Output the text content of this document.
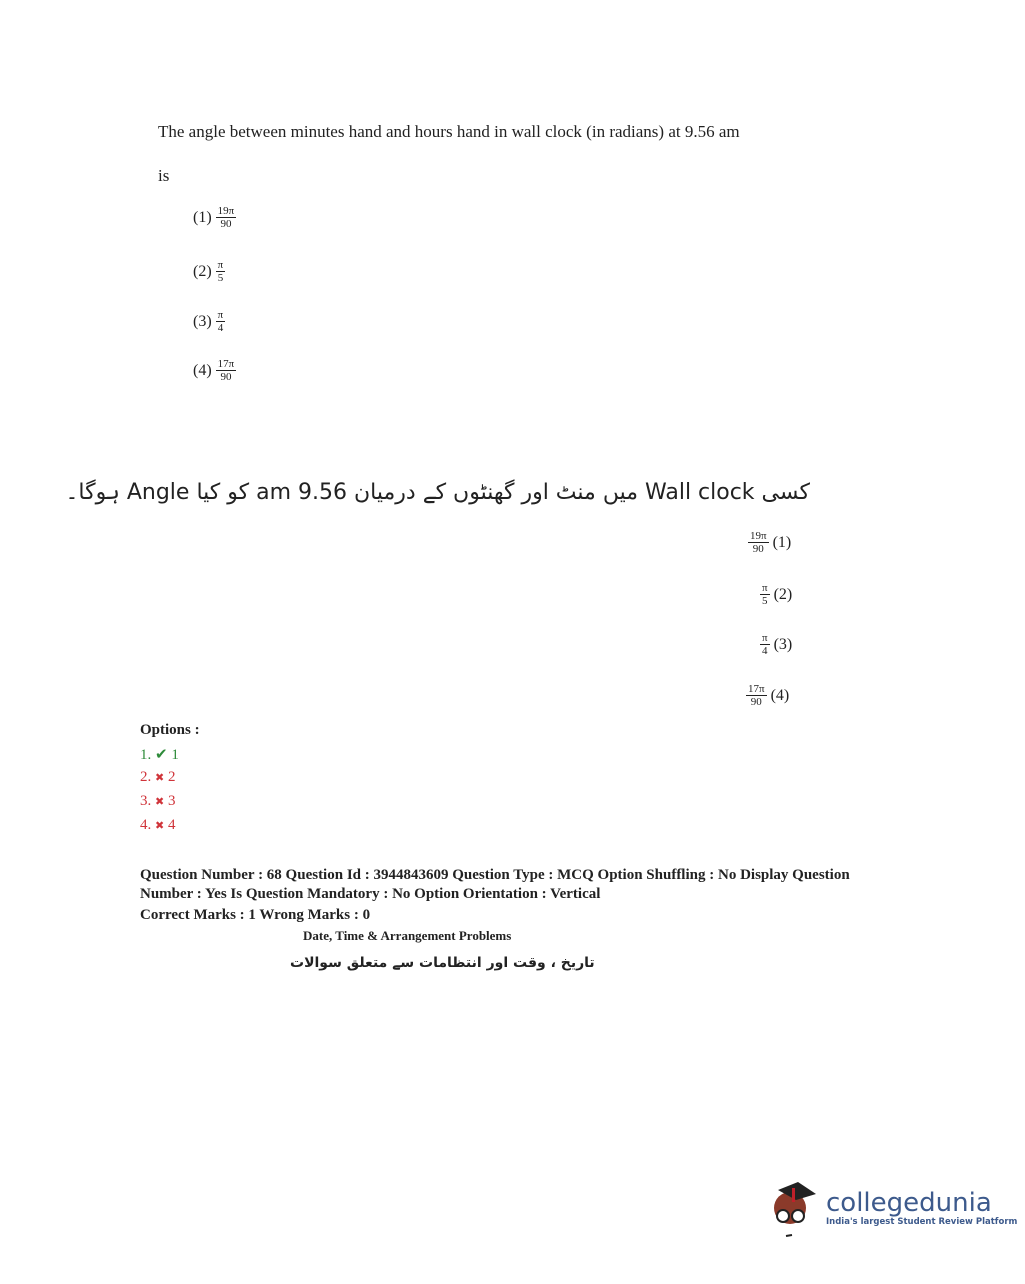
The angle between minutes hand and hours hand in wall clock (in radians) at 9.56 am
is
$(1) \frac{19\pi}{90}$
$(2) \frac{\pi}{5}$
$(3) \frac{\pi}{4}$
$(4) \frac{17\pi}{90}$
کسی Wall clock میں منٹ اور گھنٹوں کے درمیان 9.56 am کو کیا Angle ہوگا۔
$\frac{19\pi}{90} (1)$
$\frac{\pi}{5} (2)$
$\frac{\pi}{4} (3)$
$\frac{17\pi}{90} (4)$
Options :
1. ✔ 1
2. ✖ 2
3. ✖ 3
4. ✖ 4
Question Number : 68 Question Id : 3944843609 Question Type : MCQ Option Shuffling : No Display Question Number : Yes Is Question Mandatory : No Option Orientation : Vertical
Correct Marks : 1 Wrong Marks : 0
Date, Time & Arrangement Problems
تاریخ ، وقت اور انتظامات سے متعلق سوالات
collegedunia
India's largest Student Review Platform
